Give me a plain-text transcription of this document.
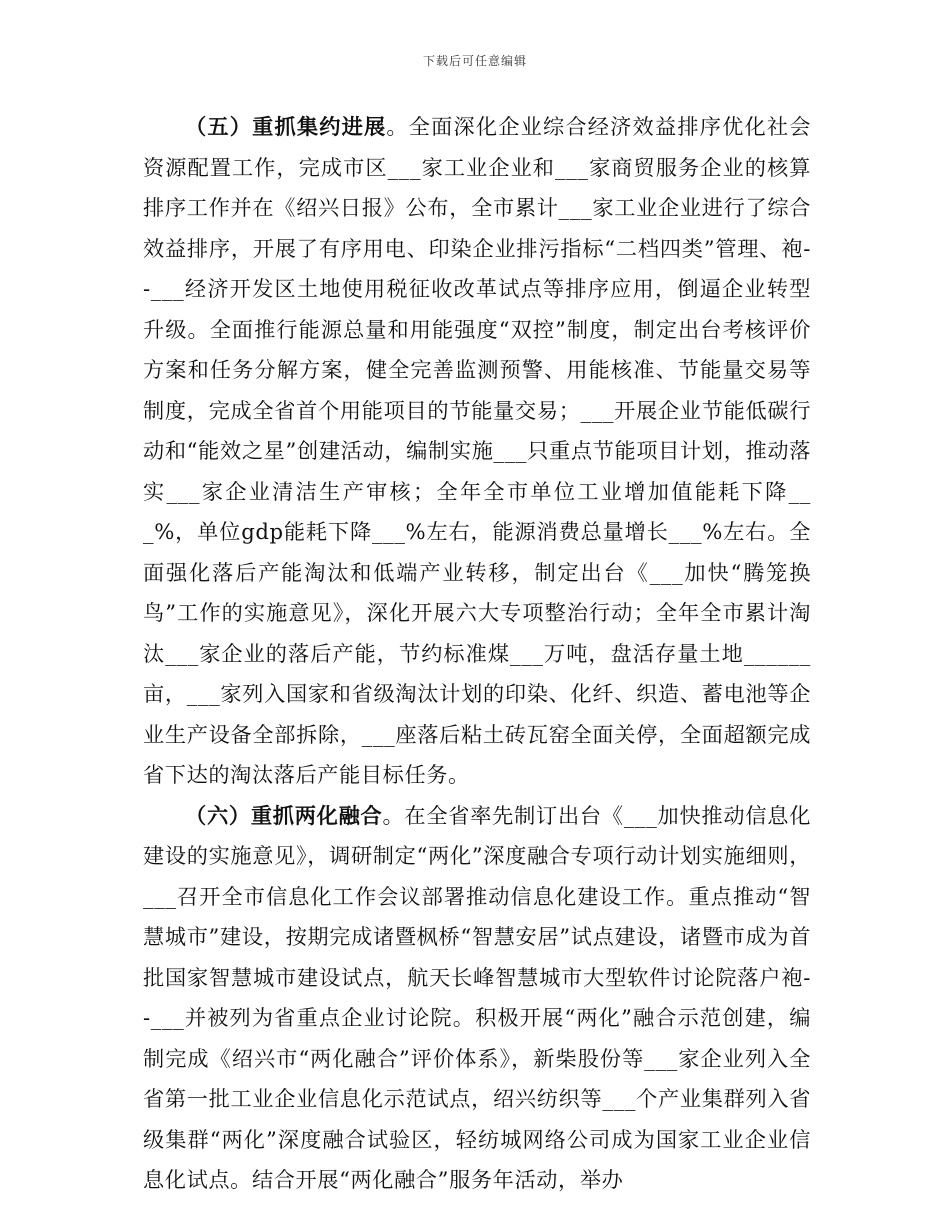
下载后可任意编辑

（五）重抓集约进展。全面深化企业综合经济效益排序优化社会资源配置工作，完成市区___家工业企业和___家商贸服务企业的核算排序工作并在《绍兴日报》公布，全市累计___家工业企业进行了综合效益排序，开展了有序用电、印染企业排污指标“二档四类”管理、袍--___经济开发区土地使用税征收改革试点等排序应用，倒逼企业转型升级。全面推行能源总量和用能强度“双控”制度，制定出台考核评价方案和任务分解方案，健全完善监测预警、用能核准、节能量交易等制度，完成全省首个用能项目的节能量交易；___开展企业节能低碳行动和“能效之星”创建活动，编制实施___只重点节能项目计划，推动落实___家企业清洁生产审核；全年全市单位工业增加值能耗下降___%，单位gdp能耗下降___%左右，能源消费总量增长___%左右。全面强化落后产能淘汰和低端产业转移，制定出台《___加快“腾笼换鸟”工作的实施意见》，深化开展六大专项整治行动；全年全市累计淘汰___家企业的落后产能，节约标准煤___万吨，盘活存量土地______亩，___家列入国家和省级淘汰计划的印染、化纤、织造、蓄电池等企业生产设备全部拆除，___座落后粘土砖瓦窑全面关停，全面超额完成省下达的淘汰落后产能目标任务。

（六）重抓两化融合。在全省率先制订出台《___加快推动信息化建设的实施意见》，调研制定“两化”深度融合专项行动计划实施细则，___召开全市信息化工作会议部署推动信息化建设工作。重点推动“智慧城市”建设，按期完成诸暨枫桥“智慧安居”试点建设，诸暨市成为首批国家智慧城市建设试点，航天长峰智慧城市大型软件讨论院落户袍--___并被列为省重点企业讨论院。积极开展“两化”融合示范创建，编制完成《绍兴市“两化融合”评价体系》，新柴股份等___家企业列入全省第一批工业企业信息化示范试点，绍兴纺织等___个产业集群列入省级集群“两化”深度融合试验区，轻纺城网络公司成为国家工业企业信息化试点。结合开展“两化融合”服务年活动，举办
